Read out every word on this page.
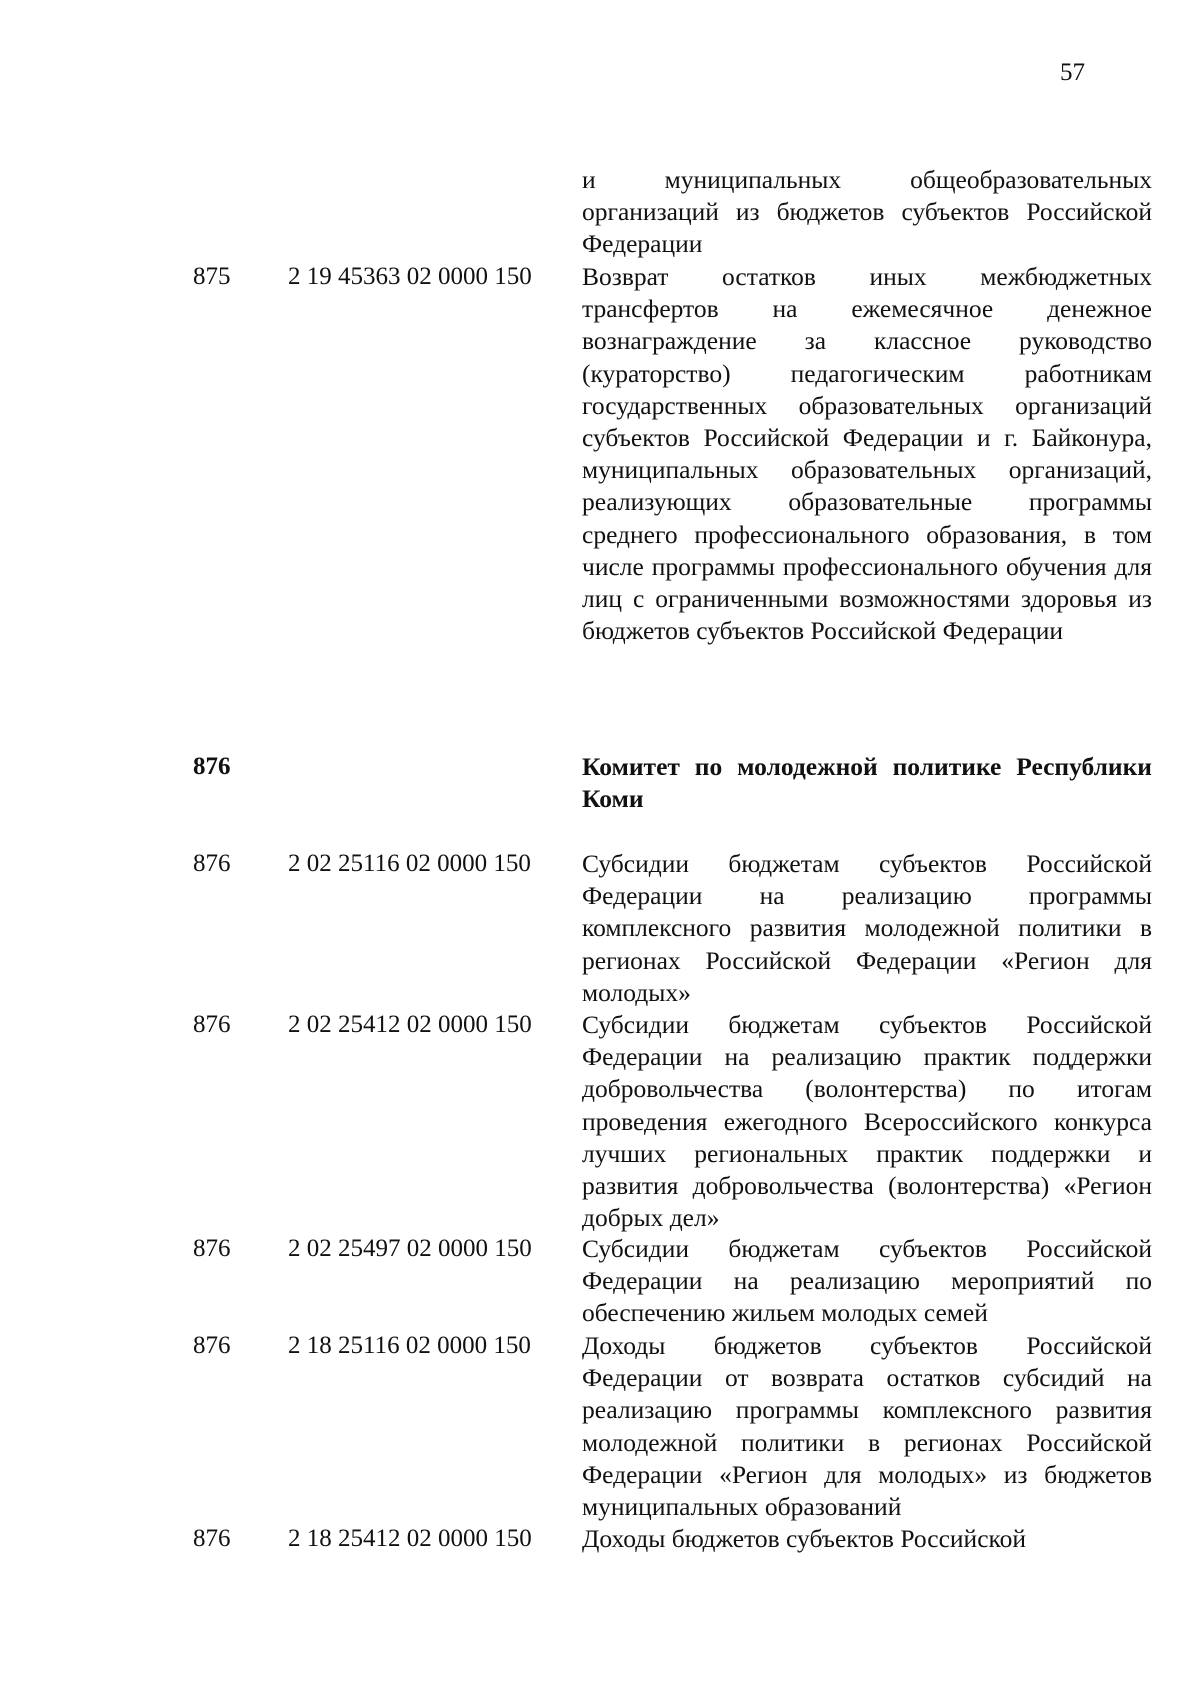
57
и муниципальных общеобразовательных организаций из бюджетов субъектов Российской Федерации
875 2 19 45363 02 0000 150 Возврат остатков иных межбюджетных трансфертов на ежемесячное денежное вознаграждение за классное руководство (кураторство) педагогическим работникам государственных образовательных организаций субъектов Российской Федерации и г. Байконура, муниципальных образовательных организаций, реализующих образовательные программы среднего профессионального образования, в том числе программы профессионального обучения для лиц с ограниченными возможностями здоровья из бюджетов субъектов Российской Федерации
876	Комитет по молодежной политике Республики Коми
876 2 02 25116 02 0000 150 Субсидии бюджетам субъектов Российской Федерации на реализацию программы комплексного развития молодежной политики в регионах Российской Федерации «Регион для молодых»
876 2 02 25412 02 0000 150 Субсидии бюджетам субъектов Российской Федерации на реализацию практик поддержки добровольчества (волонтерства) по итогам проведения ежегодного Всероссийского конкурса лучших региональных практик поддержки и развития добровольчества (волонтерства) «Регион добрых дел»
876 2 02 25497 02 0000 150 Субсидии бюджетам субъектов Российской Федерации на реализацию мероприятий по обеспечению жильем молодых семей
876 2 18 25116 02 0000 150 Доходы бюджетов субъектов Российской Федерации от возврата остатков субсидий на реализацию программы комплексного развития молодежной политики в регионах Российской Федерации «Регион для молодых» из бюджетов муниципальных образований
876 2 18 25412 02 0000 150 Доходы бюджетов субъектов Российской
